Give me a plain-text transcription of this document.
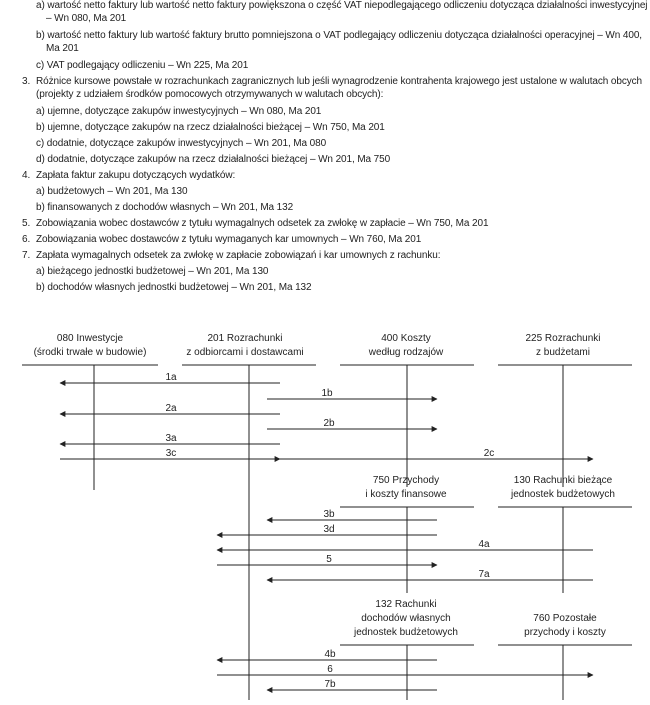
a) wartość netto faktury lub wartość netto faktury powiększona o część VAT niepodlegającego odliczeniu dotycząca działalności inwestycyjnej
– Wn 080, Ma 201
b) wartość netto faktury lub wartość faktury brutto pomniejszona o VAT podlegający odliczeniu dotycząca działalności operacyjnej – Wn 400,
Ma 201
c) VAT podlegający odliczeniu – Wn 225, Ma 201
3. Różnice kursowe powstałe w rozrachunkach zagranicznych lub jeśli wynagrodzenie kontrahenta krajowego jest ustalone w walutach obcych
(projekty z udziałem środków pomocowych otrzymywanych w walutach obcych):
a) ujemne, dotyczące zakupów inwestycyjnych – Wn 080, Ma 201
b) ujemne, dotyczące zakupów na rzecz działalności bieżącej – Wn 750, Ma 201
c) dodatnie, dotyczące zakupów inwestycyjnych – Wn 201, Ma 080
d) dodatnie, dotyczące zakupów na rzecz działalności bieżącej – Wn 201, Ma 750
4. Zapłata faktur zakupu dotyczących wydatków:
a) budżetowych – Wn 201, Ma 130
b) finansowanych z dochodów własnych – Wn 201, Ma 132
5. Zobowiązania wobec dostawców z tytułu wymagalnych odsetek za zwłokę w zapłacie – Wn 750, Ma 201
6. Zobowiązania wobec dostawców z tytułu wymaganych kar umownych – Wn 760, Ma 201
7. Zapłata wymagalnych odsetek za zwłokę w zapłacie zobowiązań i kar umownych z rachunku:
a) bieżącego jednostki budżetowej – Wn 201, Ma 130
b) dochodów własnych jednostki budżetowej – Wn 201, Ma 132
080 Inwestycje
(środki trwałe w budowie)
201 Rozrachunki
z odbiorcami i dostawcami
400 Koszty
według rodzajów
225 Rozrachunki
z budżetami
1a
1b
2a
2b
3a
3c	2c
750 Przychody
i koszty finansowe
130 Rachunki bieżące
jednostek budżetowych
3b
3d
4a
5
7a
132 Rachunki
dochodów własnych
jednostek budżetowych
760 Pozostałe
przychody i koszty
4b
6
7b
